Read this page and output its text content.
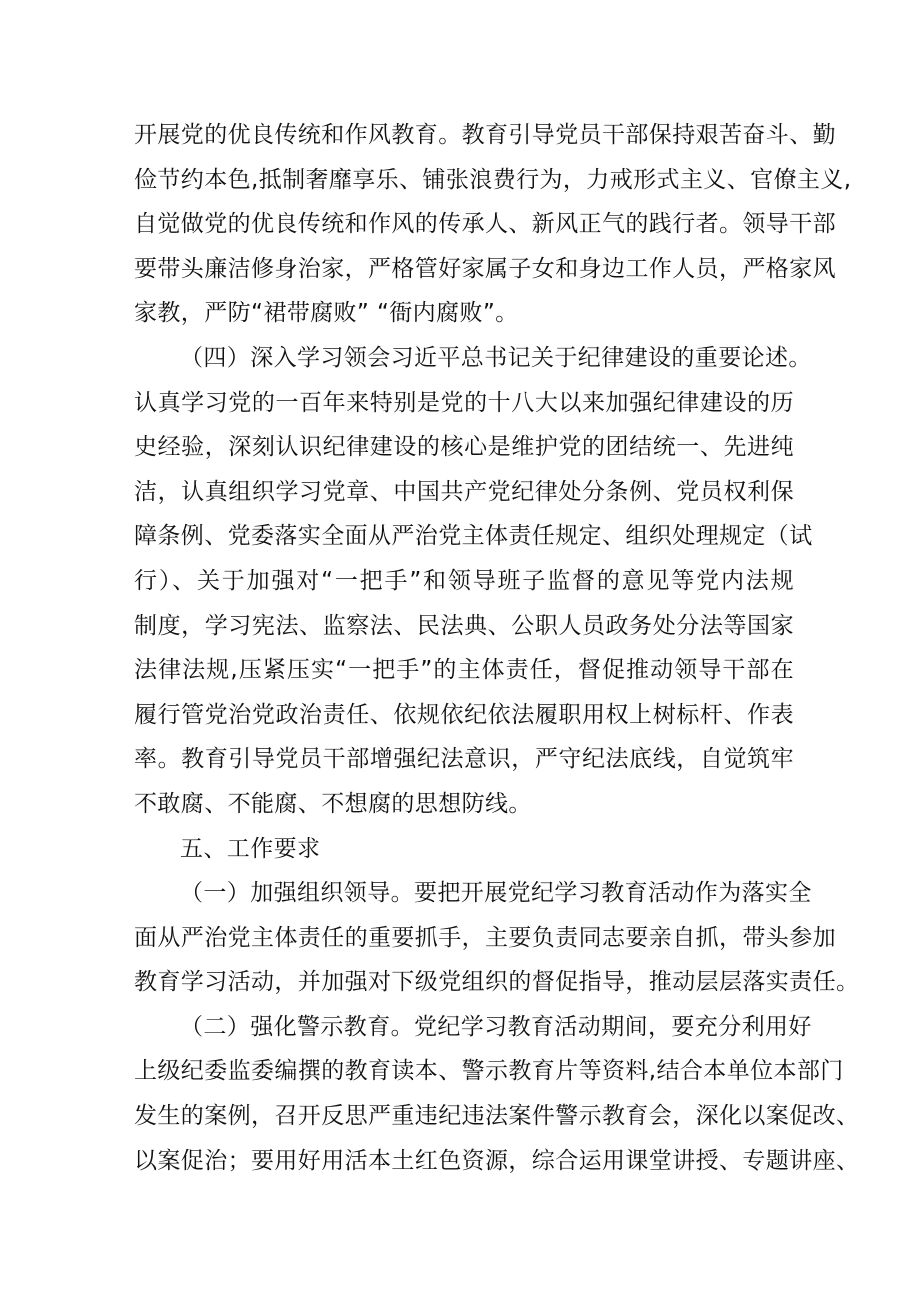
开展党的优良传统和作风教育。教育引导党员干部保持艰苦奋斗、勤
俭节约本色,抵制奢靡享乐、铺张浪费行为，力戒形式主义、官僚主义,
自觉做党的优良传统和作风的传承人、新风正气的践行者。领导干部
要带头廉洁修身治家，严格管好家属子女和身边工作人员，严格家风
家教，严防“裙带腐败” “衙内腐败”。
（四）深入学习领会习近平总书记关于纪律建设的重要论述。
认真学习党的一百年来特别是党的十八大以来加强纪律建设的历
史经验，深刻认识纪律建设的核心是维护党的团结统一、先进纯
洁，认真组织学习党章、中国共产党纪律处分条例、党员权利保
障条例、党委落实全面从严治党主体责任规定、组织处理规定（试
行）、关于加强对“一把手”和领导班子监督的意见等党内法规
制度，学习宪法、监察法、民法典、公职人员政务处分法等国家
法律法规,压紧压实“一把手”的主体责任，督促推动领导干部在
履行管党治党政治责任、依规依纪依法履职用权上树标杆、作表
率。教育引导党员干部增强纪法意识，严守纪法底线，自觉筑牢
不敢腐、不能腐、不想腐的思想防线。
五、工作要求
（一）加强组织领导。要把开展党纪学习教育活动作为落实全
面从严治党主体责任的重要抓手，主要负责同志要亲自抓，带头参加
教育学习活动，并加强对下级党组织的督促指导，推动层层落实责任。
（二）强化警示教育。党纪学习教育活动期间，要充分利用好
上级纪委监委编撰的教育读本、警示教育片等资料,结合本单位本部门
发生的案例，召开反思严重违纪违法案件警示教育会，深化以案促改、
以案促治；要用好用活本土红色资源，综合运用课堂讲授、专题讲座、
